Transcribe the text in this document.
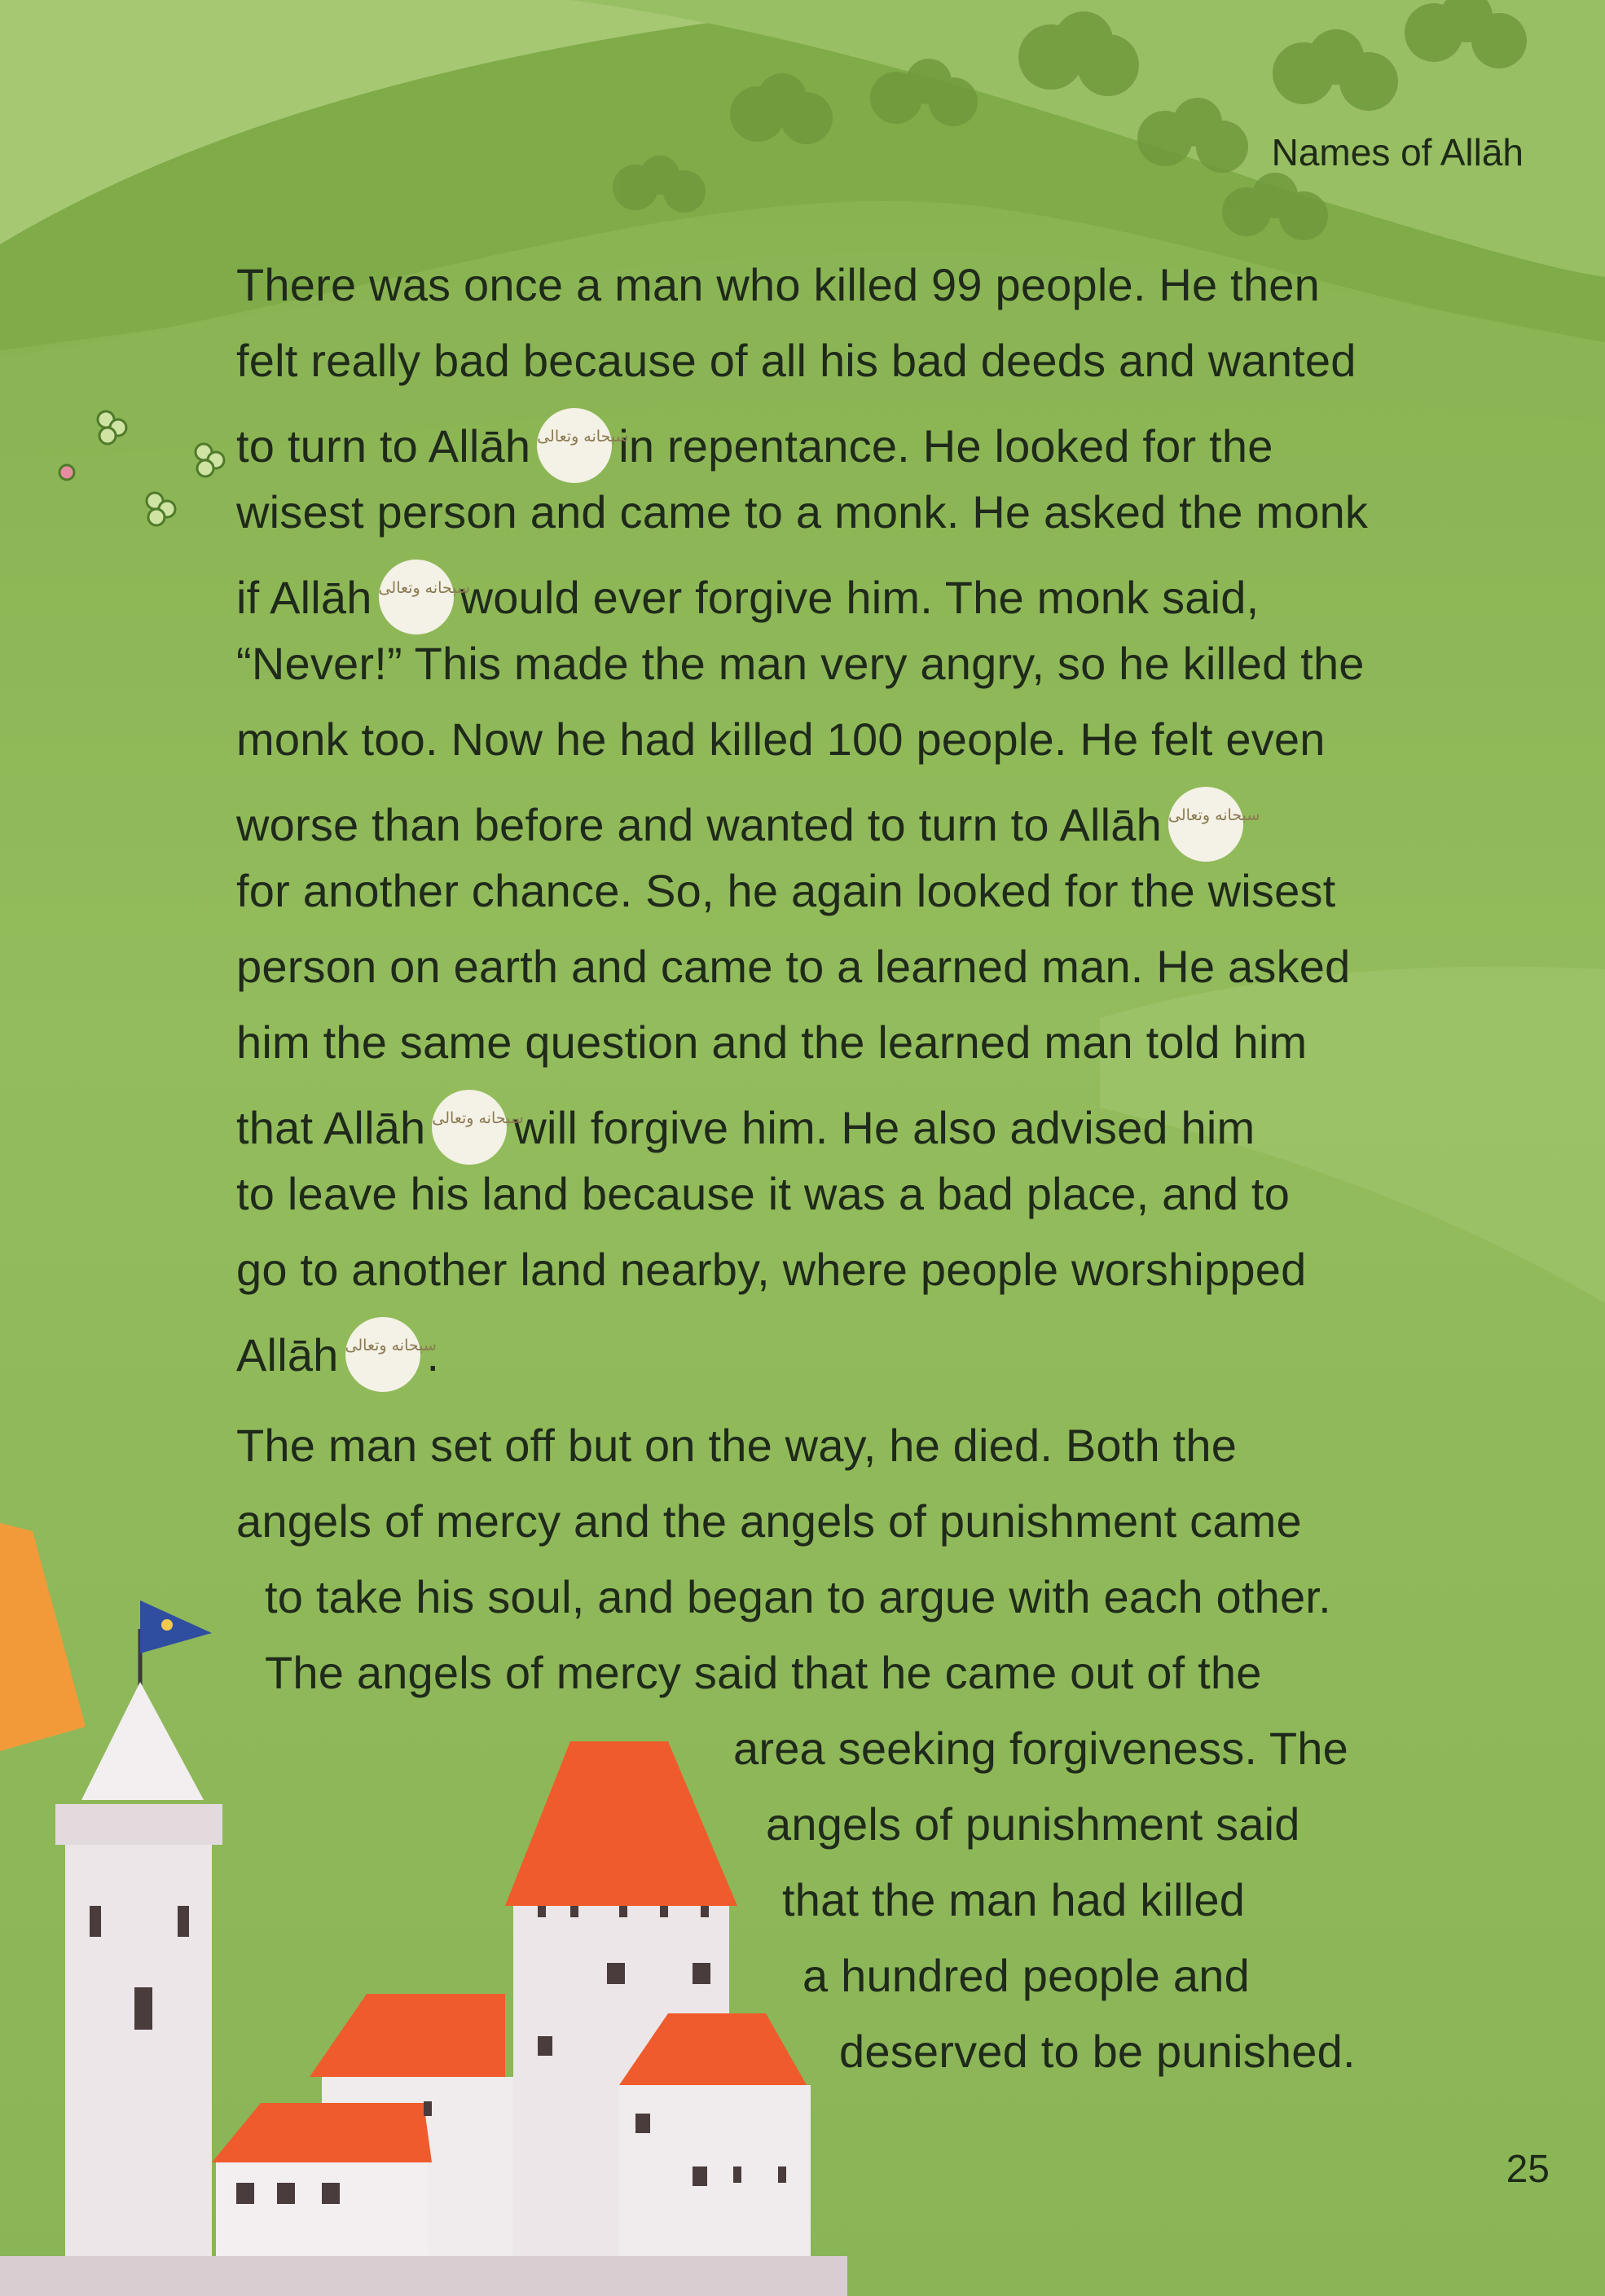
Names of Allāh
There was once a man who killed 99 people. He then
felt really bad because of all his bad deeds and wanted
to turn to Allāh سبحانه وتعالى
in repentance. He looked for the
wisest person and came to a monk. He asked the monk
if Allāh سبحانه وتعالى
would ever forgive him. The monk said,
“Never!” This made the man very angry, so he killed the
monk too. Now he had killed 100 people. He felt even
worse than before and wanted to turn to Allāh سبحانه وتعالى
for another chance. So, he again looked for the wisest
person on earth and came to a learned man. He asked
him the same question and the learned man told him
that Allāh سبحانه وتعالى
will forgive him. He also advised him
to leave his land because it was a bad place, and to
go to another land nearby, where people worshipped
Allāh سبحانه وتعالى
.
The man set off but on the way, he died. Both the
angels of mercy and the angels of punishment came
to take his soul, and began to argue with each other.
The angels of mercy said that he came out of the
area seeking forgiveness. The
angels of punishment said
that the man had killed
a hundred people and
deserved to be punished.
25
